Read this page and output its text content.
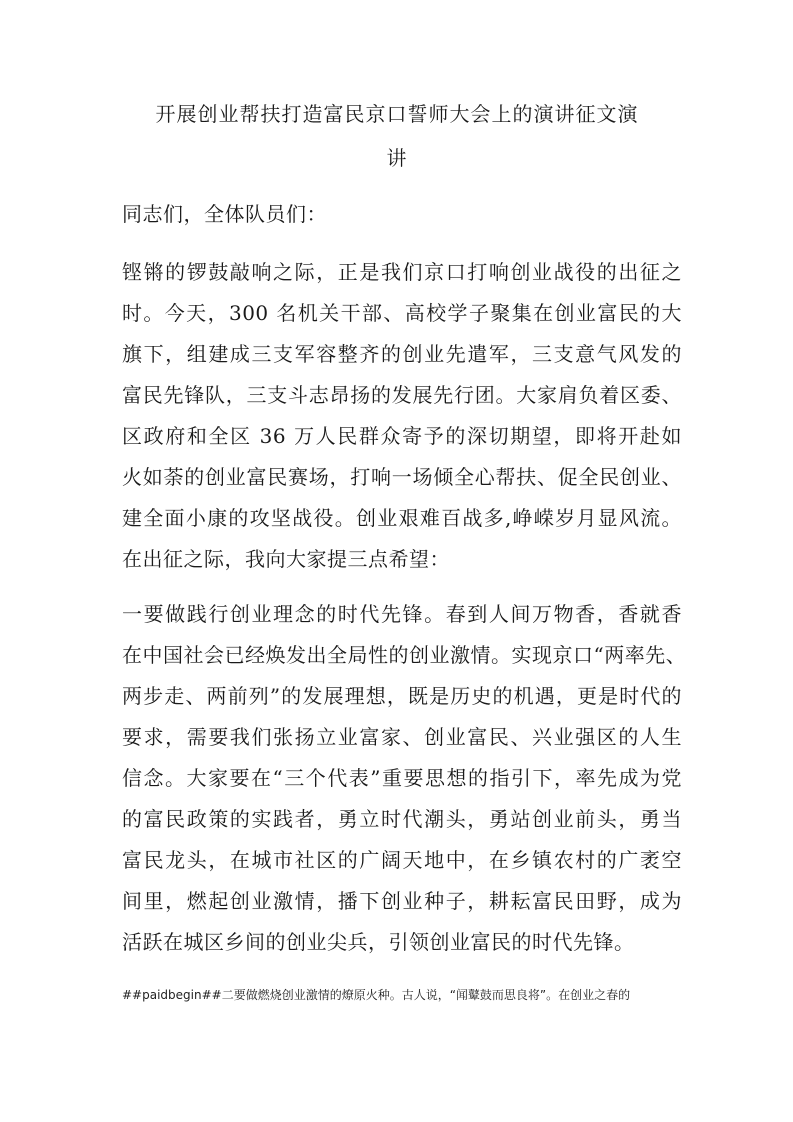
开展创业帮扶打造富民京口誓师大会上的演讲征文演
讲
同志们，全体队员们：
铿锵的锣鼓敲响之际，正是我们京口打响创业战役的出征之
时。今天，300 名机关干部、高校学子聚集在创业富民的大
旗下，组建成三支军容整齐的创业先遣军，三支意气风发的
富民先锋队，三支斗志昂扬的发展先行团。大家肩负着区委、
区政府和全区 36 万人民群众寄予的深切期望，即将开赴如
火如荼的创业富民赛场，打响一场倾全心帮扶、促全民创业、
建全面小康的攻坚战役。创业艰难百战多,峥嵘岁月显风流。
在出征之际，我向大家提三点希望：
一要做践行创业理念的时代先锋。春到人间万物香，香就香
在中国社会已经焕发出全局性的创业激情。实现京口“两率先、
两步走、两前列”的发展理想，既是历史的机遇，更是时代的
要求，需要我们张扬立业富家、创业富民、兴业强区的人生
信念。大家要在“三个代表”重要思想的指引下，率先成为党
的富民政策的实践者，勇立时代潮头，勇站创业前头，勇当
富民龙头，在城市社区的广阔天地中，在乡镇农村的广袤空
间里，燃起创业激情，播下创业种子，耕耘富民田野，成为
活跃在城区乡间的创业尖兵，引领创业富民的时代先锋。
##paidbegin##二要做燃烧创业激情的燎原火种。古人说，“闻鼙鼓而思良将”。在创业之春的
